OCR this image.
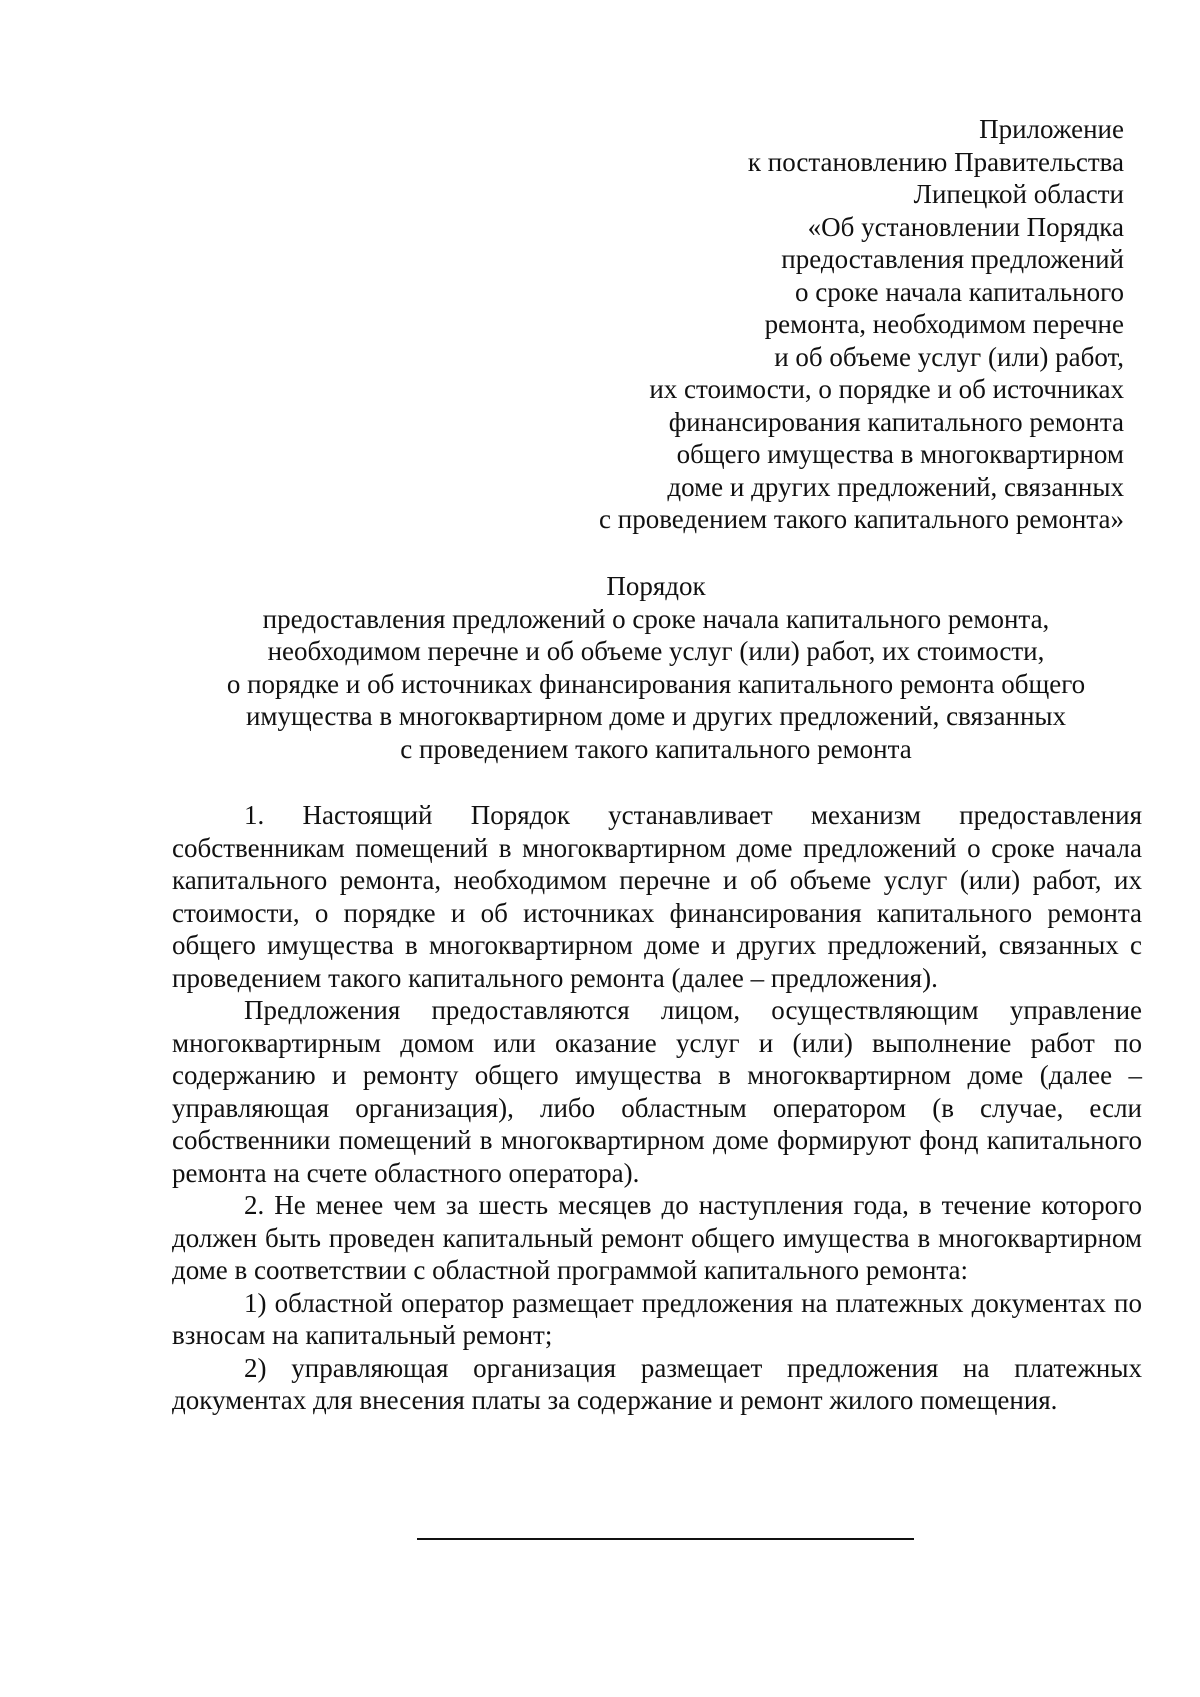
Приложение
к постановлению Правительства
Липецкой области
«Об установлении Порядка
предоставления предложений
о сроке начала капитального
ремонта, необходимом перечне
и об объеме услуг (или) работ,
их стоимости, о порядке и об источниках
финансирования капитального ремонта
общего имущества в многоквартирном
доме и других предложений, связанных
с проведением такого капитального ремонта»
Порядок
предоставления предложений о сроке начала капитального ремонта,
необходимом перечне и об объеме услуг (или) работ, их стоимости,
о порядке и об источниках финансирования капитального ремонта общего
имущества в многоквартирном доме и других предложений, связанных
с проведением такого капитального ремонта

1. Настоящий Порядок устанавливает механизм предоставления собственникам помещений в многоквартирном доме предложений о сроке начала капитального ремонта, необходимом перечне и об объеме услуг (или) работ, их стоимости, о порядке и об источниках финансирования капитального ремонта общего имущества в многоквартирном доме и других предложений, связанных с проведением такого капитального ремонта (далее – предложения).

Предложения предоставляются лицом, осуществляющим управление многоквартирным домом или оказание услуг и (или) выполнение работ по содержанию и ремонту общего имущества в многоквартирном доме (далее – управляющая организация), либо областным оператором (в случае, если собственники помещений в многоквартирном доме формируют фонд капитального ремонта на счете областного оператора).

2. Не менее чем за шесть месяцев до наступления года, в течение которого должен быть проведен капитальный ремонт общего имущества в многоквартирном доме в соответствии с областной программой капитального ремонта:

1) областной оператор размещает предложения на платежных документах по взносам на капитальный ремонт;

2) управляющая организация размещает предложения на платежных документах для внесения платы за содержание и ремонт жилого помещения.
